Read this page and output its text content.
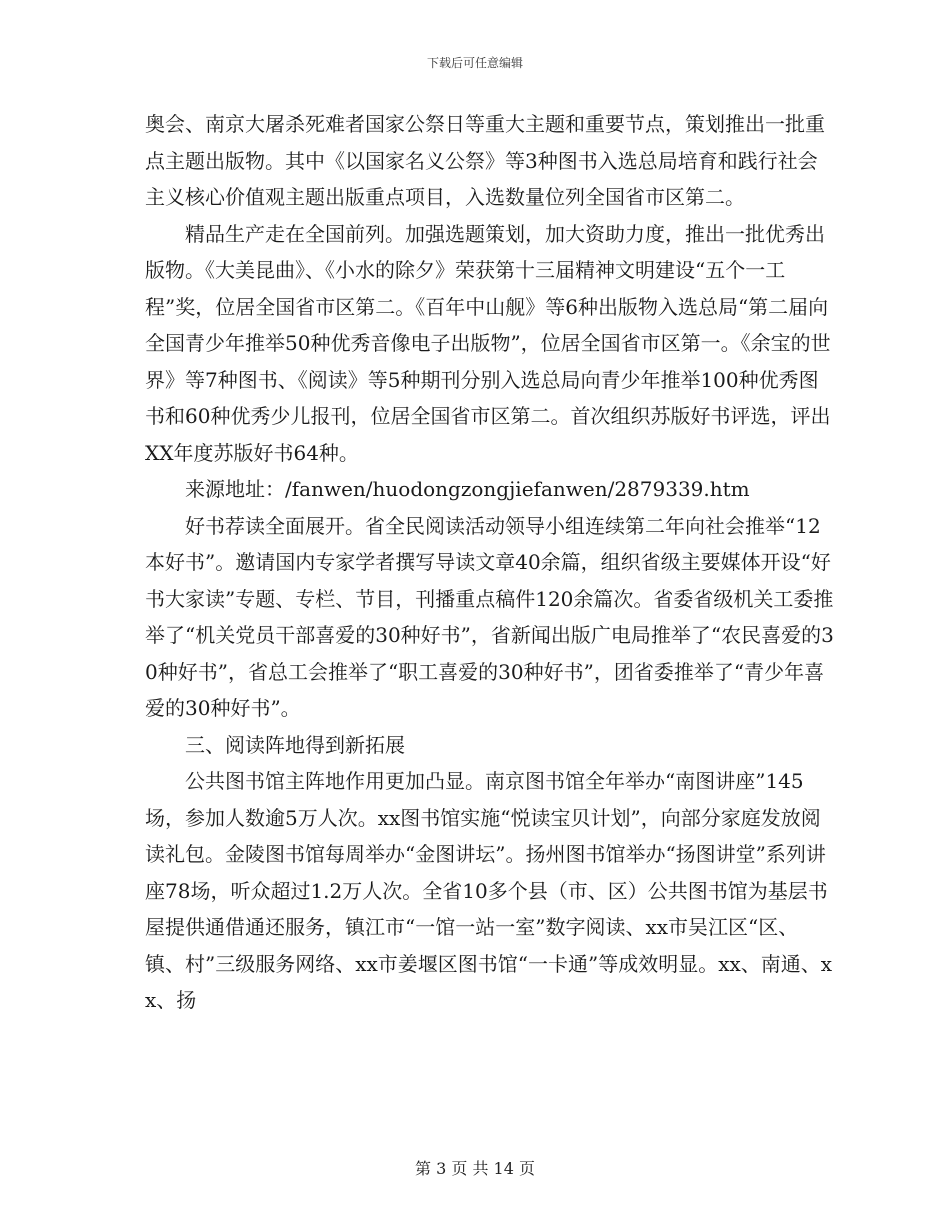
下载后可任意编辑

奥会、南京大屠杀死难者国家公祭日等重大主题和重要节点，策划推出一批重点主题出版物。其中《以国家名义公祭》等3种图书入选总局培育和践行社会主义核心价值观主题出版重点项目，入选数量位列全国省市区第二。

精品生产走在全国前列。加强选题策划，加大资助力度，推出一批优秀出版物。《大美昆曲》、《小水的除夕》荣获第十三届精神文明建设“五个一工程”奖，位居全国省市区第二。《百年中山舰》等6种出版物入选总局“第二届向全国青少年推举50种优秀音像电子出版物”，位居全国省市区第一。《余宝的世界》等7种图书、《阅读》等5种期刊分别入选总局向青少年推举100种优秀图书和60种优秀少儿报刊，位居全国省市区第二。首次组织苏版好书评选，评出XX年度苏版好书64种。

来源地址：/fanwen/huodongzongjiefanwen/2879339.htm

好书荐读全面展开。省全民阅读活动领导小组连续第二年向社会推举“12本好书”。邀请国内专家学者撰写导读文章40余篇，组织省级主要媒体开设“好书大家读”专题、专栏、节目，刊播重点稿件120余篇次。省委省级机关工委推举了“机关党员干部喜爱的30种好书”，省新闻出版广电局推举了“农民喜爱的30种好书”，省总工会推举了“职工喜爱的30种好书”，团省委推举了“青少年喜爱的30种好书”。

三、阅读阵地得到新拓展

公共图书馆主阵地作用更加凸显。南京图书馆全年举办“南图讲座”145场，参加人数逾5万人次。xx图书馆实施“悦读宝贝计划”，向部分家庭发放阅读礼包。金陵图书馆每周举办“金图讲坛”。扬州图书馆举办“扬图讲堂”系列讲座78场，听众超过1.2万人次。全省10多个县（市、区）公共图书馆为基层书屋提供通借通还服务，镇江市“一馆一站一室”数字阅读、xx市吴江区“区、镇、村”三级服务网络、xx市姜堰区图书馆“一卡通”等成效明显。xx、南通、xx、扬

第 3 页 共 14 页
